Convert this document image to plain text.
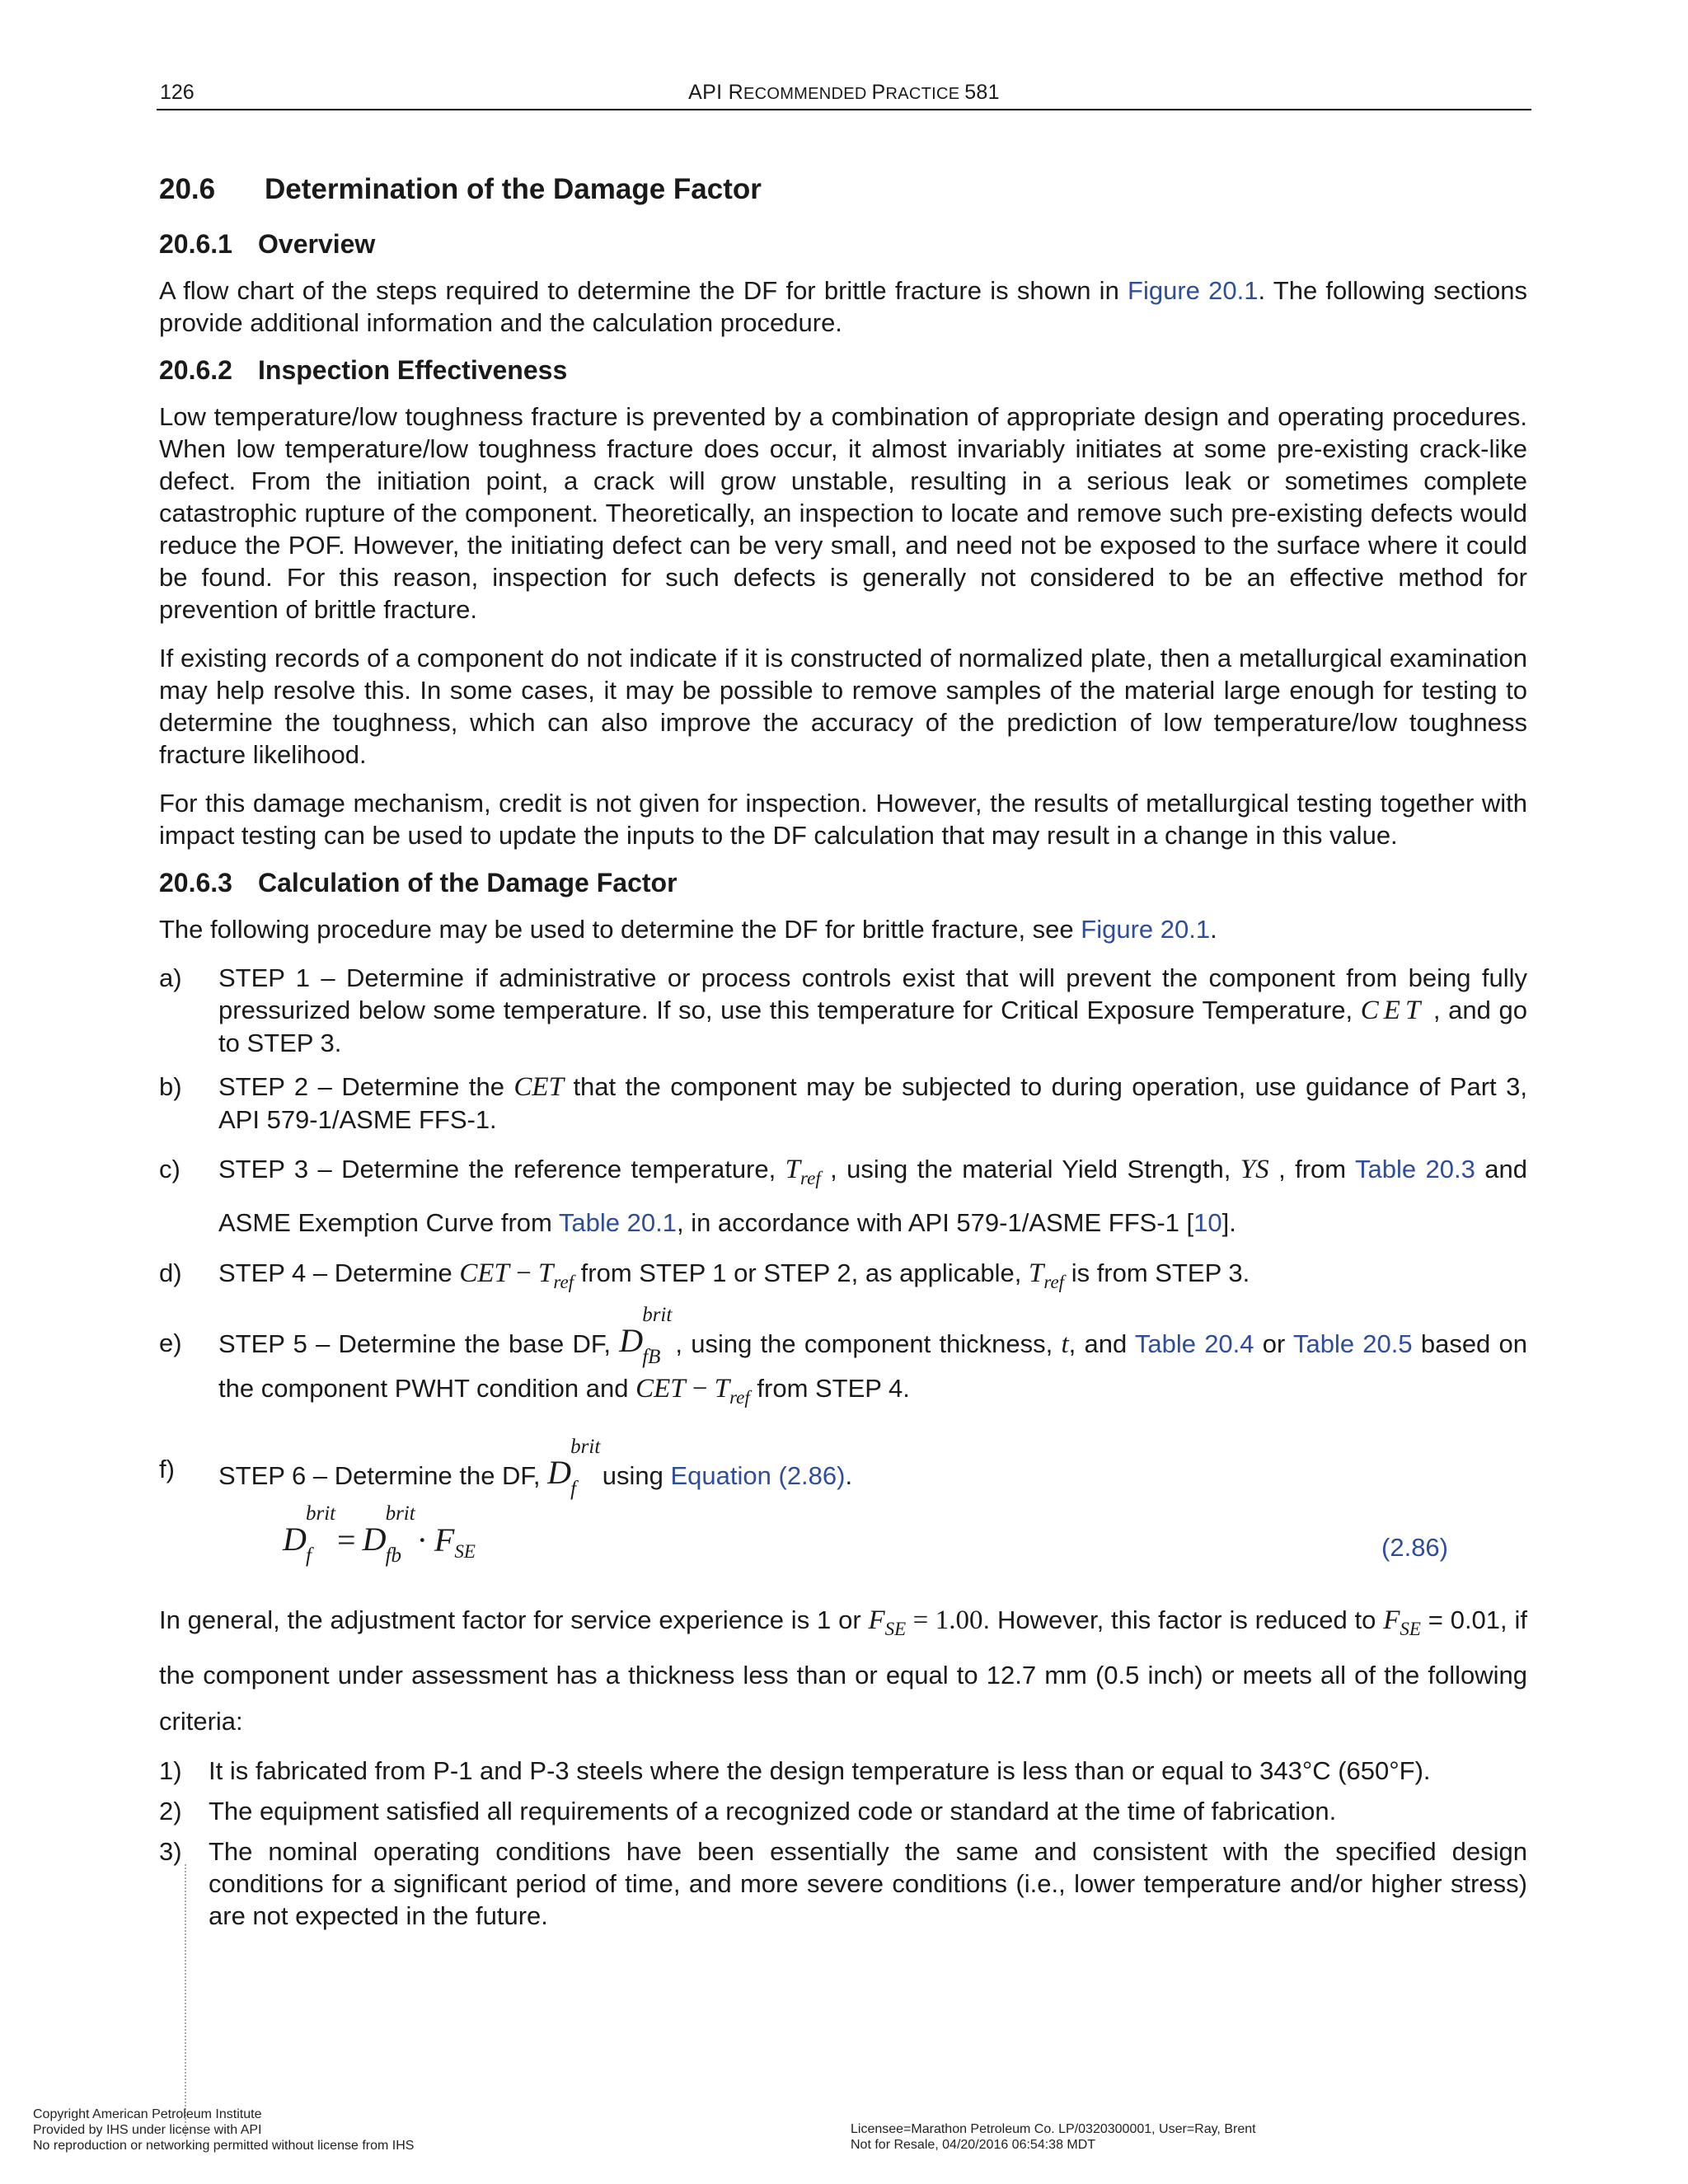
126	API RECOMMENDED PRACTICE 581
20.6 Determination of the Damage Factor
20.6.1 Overview

A flow chart of the steps required to determine the DF for brittle fracture is shown in Figure 20.1. The following sections provide additional information and the calculation procedure.

20.6.2 Inspection Effectiveness

Low temperature/low toughness fracture is prevented by a combination of appropriate design and operating procedures. When low temperature/low toughness fracture does occur, it almost invariably initiates at some pre-existing crack-like defect. From the initiation point, a crack will grow unstable, resulting in a serious leak or sometimes complete catastrophic rupture of the component. Theoretically, an inspection to locate and remove such pre-existing defects would reduce the POF. However, the initiating defect can be very small, and need not be exposed to the surface where it could be found. For this reason, inspection for such defects is generally not considered to be an effective method for prevention of brittle fracture.

If existing records of a component do not indicate if it is constructed of normalized plate, then a metallurgical examination may help resolve this. In some cases, it may be possible to remove samples of the material large enough for testing to determine the toughness, which can also improve the accuracy of the prediction of low temperature/low toughness fracture likelihood.

For this damage mechanism, credit is not given for inspection. However, the results of metallurgical testing together with impact testing can be used to update the inputs to the DF calculation that may result in a change in this value.

20.6.3 Calculation of the Damage Factor

The following procedure may be used to determine the DF for brittle fracture, see Figure 20.1.

a) STEP 1 – Determine if administrative or process controls exist that will prevent the component from being fully pressurized below some temperature. If so, use this temperature for Critical Exposure Temperature, CET , and go to STEP 3.
b) STEP 2 – Determine the CET that the component may be subjected to during operation, use guidance of Part 3, API 579-1/ASME FFS-1.
c) STEP 3 – Determine the reference temperature, $T_{ref}$ , using the material Yield Strength, YS , from Table 20.3 and ASME Exemption Curve from Table 20.1, in accordance with API 579-1/ASME FFS-1 [10].
d) STEP 4 – Determine CET − $T_{ref}$ from STEP 1 or STEP 2, as applicable, $T_{ref}$ is from STEP 3.
e) STEP 5 – Determine the base DF, D
brit
fB , using the component thickness, t, and Table 20.4 or Table 20.5 based on the component PWHT condition and CET − $T_{ref}$ from STEP 4.
f) STEP 6 – Determine the DF, D
brit
f using Equation (2.86).
D
brit
f = D
brit
fb · $F_{SE}$	(2.86)

In general, the adjustment factor for service experience is 1 or $F_{SE} = 1.00$. However, this factor is reduced to $F_{SE} = 0.01$, if the component under assessment has a thickness less than or equal to 12.7 mm (0.5 inch) or meets all of the following criteria:

1) It is fabricated from P-1 and P-3 steels where the design temperature is less than or equal to 343°C (650°F).
2) The equipment satisfied all requirements of a recognized code or standard at the time of fabrication.
3) The nominal operating conditions have been essentially the same and consistent with the specified design conditions for a significant period of time, and more severe conditions (i.e., lower temperature and/or higher stress) are not expected in the future.
Copyright American Petroleum Institute
Provided by IHS under license with API
No reproduction or networking permitted without license from IHS
Licensee=Marathon Petroleum Co. LP/0320300001, User=Ray, Brent
Not for Resale, 04/20/2016 06:54:38 MDT
